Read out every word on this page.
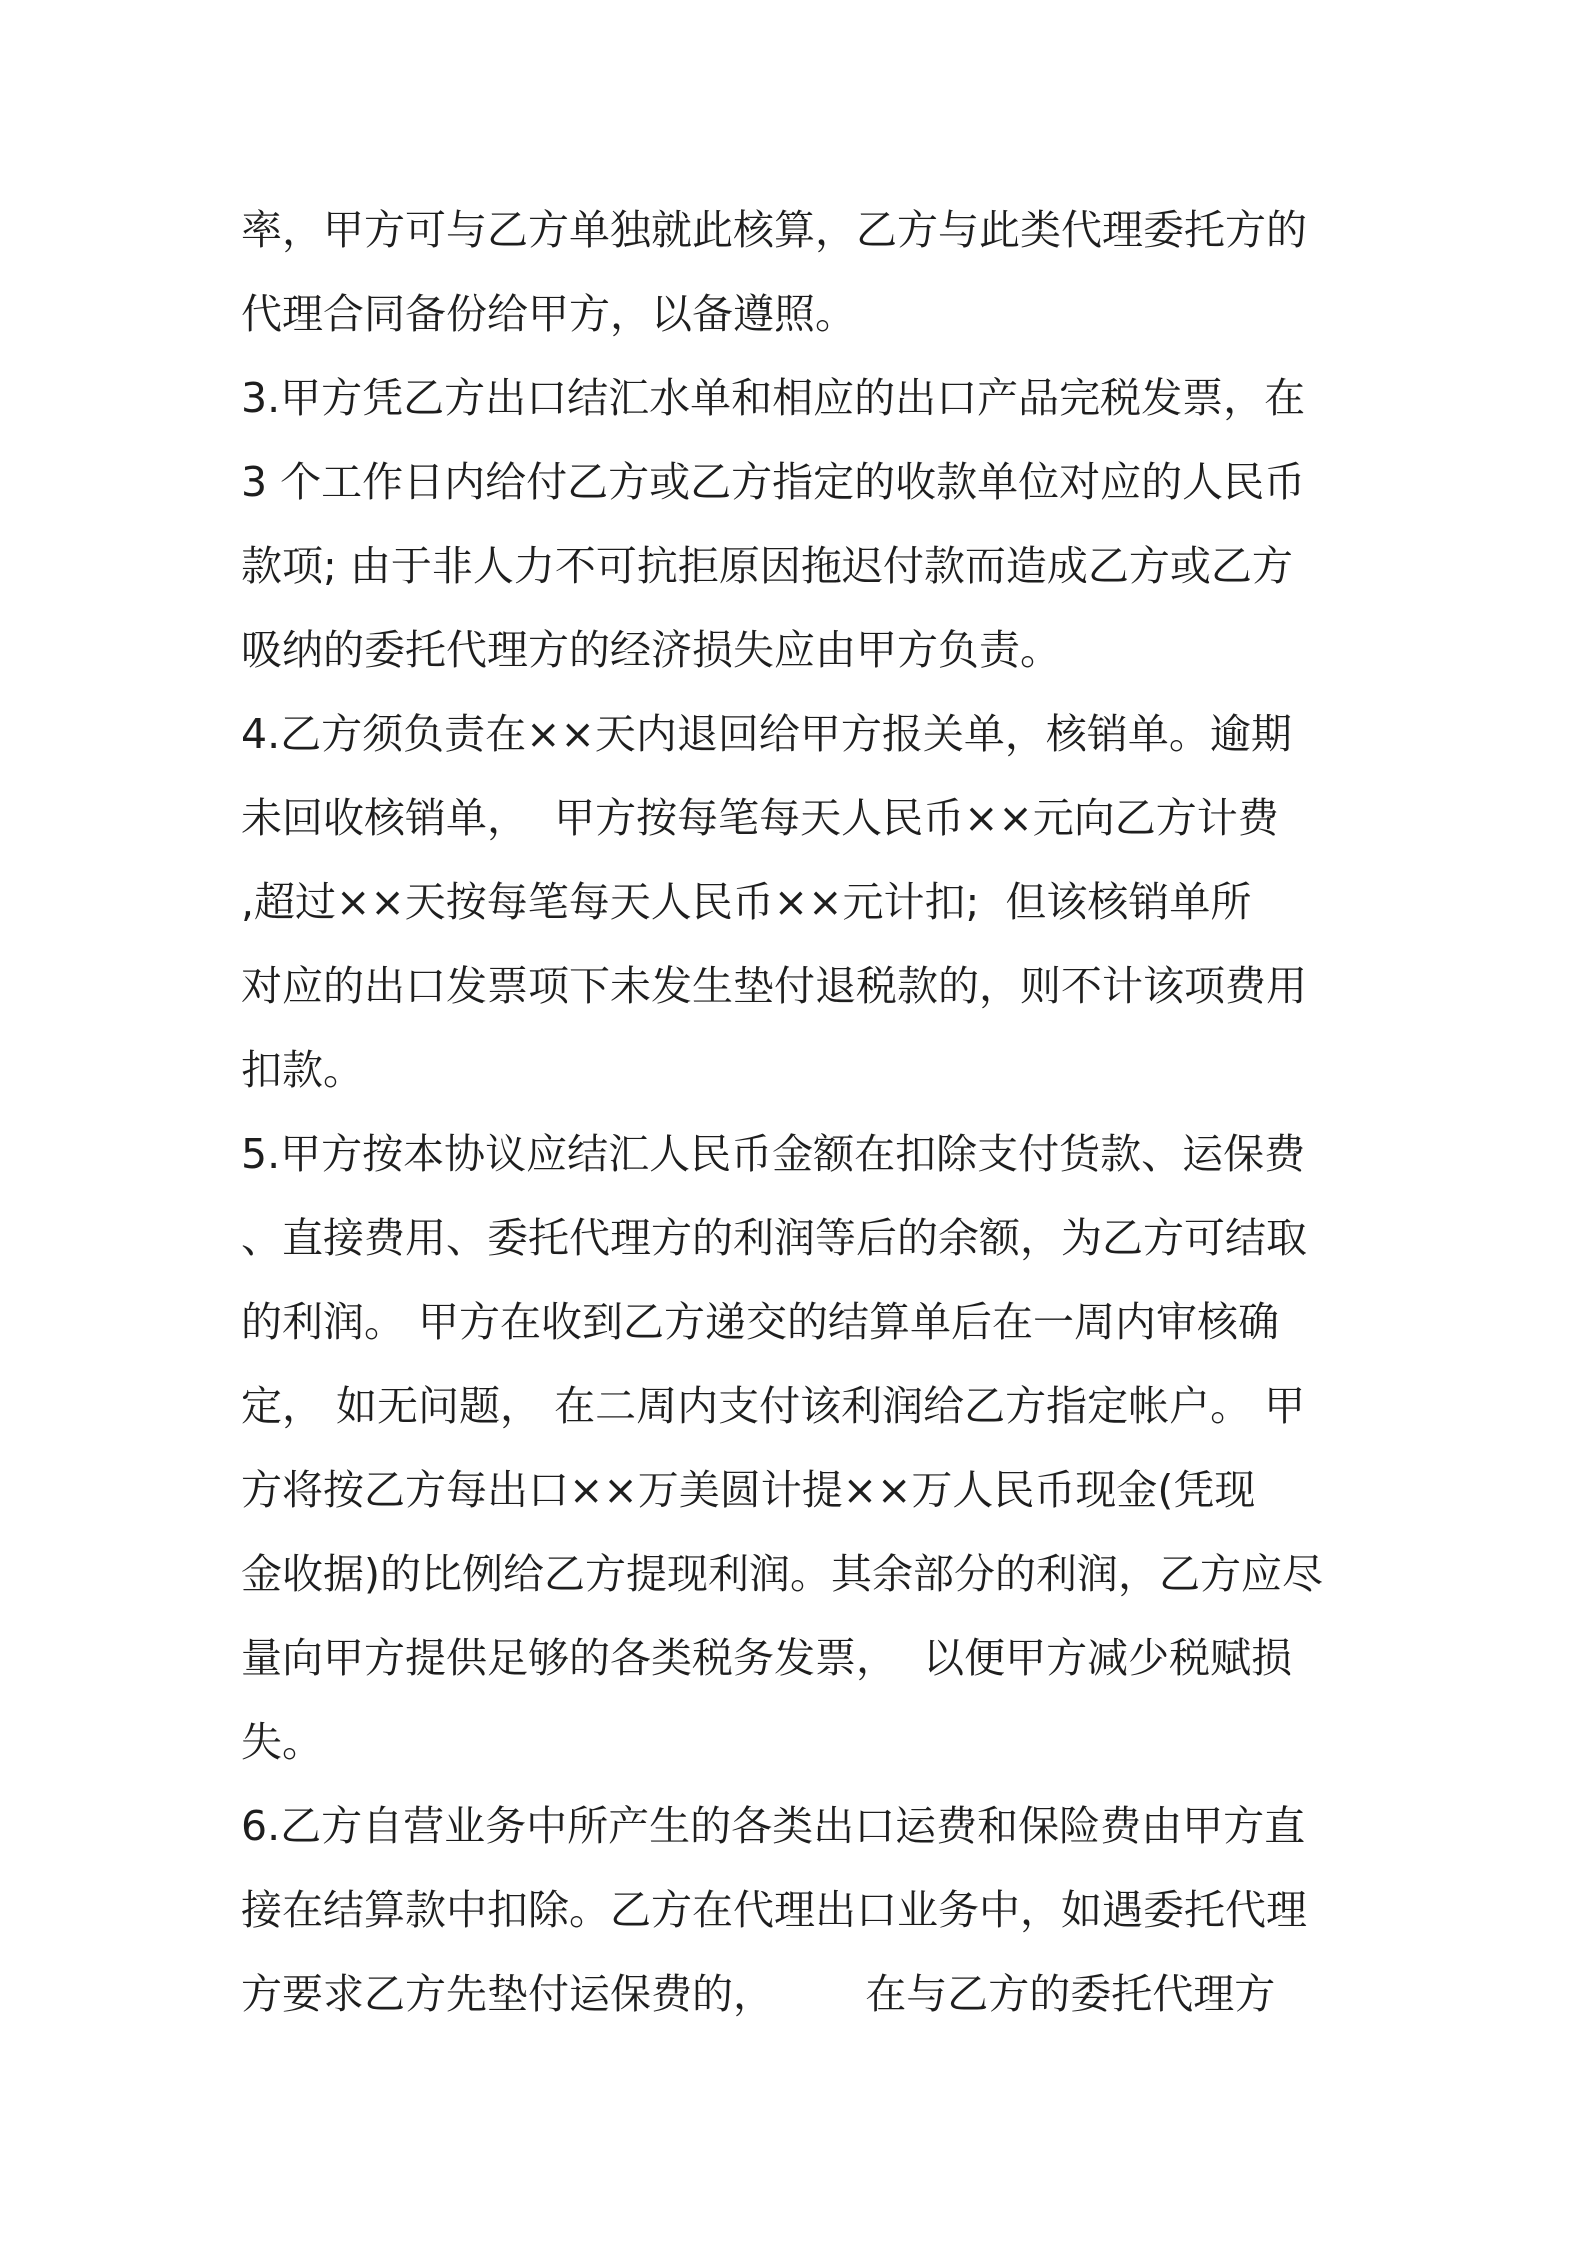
率，甲方可与乙方单独就此核算，乙方与此类代理委托方的
代理合同备份给甲方，以备遵照。
3.甲方凭乙方出口结汇水单和相应的出口产品完税发票，在
3 个工作日内给付乙方或乙方指定的收款单位对应的人民币
款项; 由于非人力不可抗拒原因拖迟付款而造成乙方或乙方
吸纳的委托代理方的经济损失应由甲方负责。
4.乙方须负责在××天内退回给甲方报关单，核销单。逾期
未回收核销单，  甲方按每笔每天人民币××元向乙方计费
,超过××天按每笔每天人民币××元计扣;  但该核销单所
对应的出口发票项下未发生垫付退税款的，则不计该项费用
扣款。
5.甲方按本协议应结汇人民币金额在扣除支付货款、运保费
、直接费用、委托代理方的利润等后的余额，为乙方可结取
的利润。 甲方在收到乙方递交的结算单后在一周内审核确
定， 如无问题， 在二周内支付该利润给乙方指定帐户。 甲
方将按乙方每出口××万美圆计提××万人民币现金(凭现
金收据)的比例给乙方提现利润。其余部分的利润，乙方应尽
量向甲方提供足够的各类税务发票，  以便甲方减少税赋损
失。
6.乙方自营业务中所产生的各类出口运费和保险费由甲方直
接在结算款中扣除。乙方在代理出口业务中，如遇委托代理
方要求乙方先垫付运保费的，       在与乙方的委托代理方
